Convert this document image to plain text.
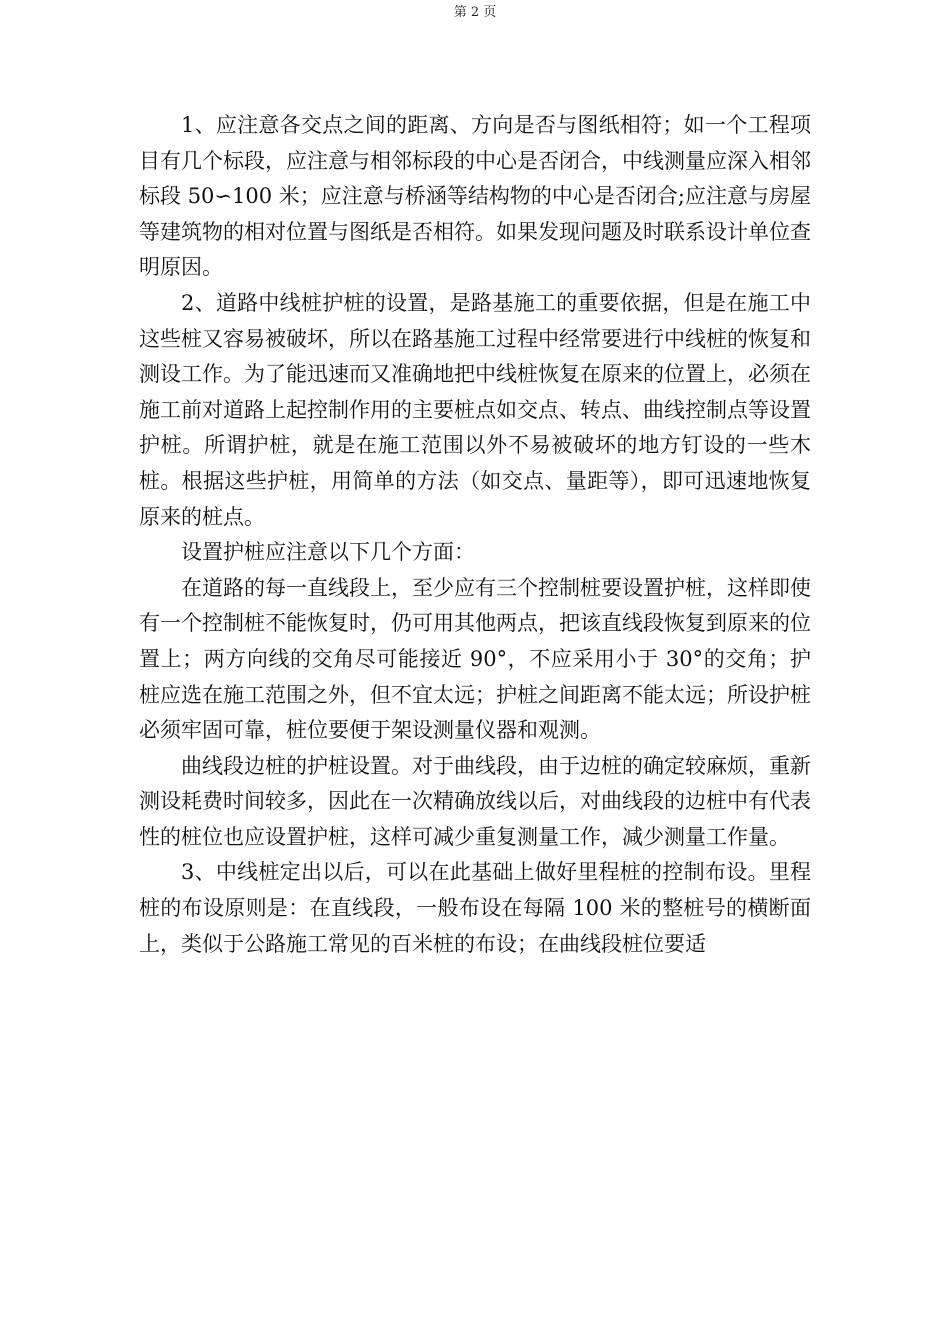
第 2 页

1、应注意各交点之间的距离、方向是否与图纸相符；如一个工程项目有几个标段，应注意与相邻标段的中心是否闭合，中线测量应深入相邻标段 50∽100 米；应注意与桥涵等结构物的中心是否闭合;应注意与房屋等建筑物的相对位置与图纸是否相符。如果发现问题及时联系设计单位查明原因。

2、道路中线桩护桩的设置，是路基施工的重要依据，但是在施工中这些桩又容易被破坏，所以在路基施工过程中经常要进行中线桩的恢复和测设工作。为了能迅速而又准确地把中线桩恢复在原来的位置上，必须在施工前对道路上起控制作用的主要桩点如交点、转点、曲线控制点等设置护桩。所谓护桩，就是在施工范围以外不易被破坏的地方钉设的一些木桩。根据这些护桩，用简单的方法（如交点、量距等），即可迅速地恢复原来的桩点。

设置护桩应注意以下几个方面：

在道路的每一直线段上，至少应有三个控制桩要设置护桩，这样即使有一个控制桩不能恢复时，仍可用其他两点，把该直线段恢复到原来的位置上；两方向线的交角尽可能接近 90°，不应采用小于 30°的交角；护桩应选在施工范围之外，但不宜太远；护桩之间距离不能太远；所设护桩必须牢固可靠，桩位要便于架设测量仪器和观测。

曲线段边桩的护桩设置。对于曲线段，由于边桩的确定较麻烦，重新测设耗费时间较多，因此在一次精确放线以后，对曲线段的边桩中有代表性的桩位也应设置护桩，这样可减少重复测量工作，减少测量工作量。

3、中线桩定出以后，可以在此基础上做好里程桩的控制布设。里程桩的布设原则是：在直线段，一般布设在每隔 100 米的整桩号的横断面上，类似于公路施工常见的百米桩的布设；在曲线段桩位要适
